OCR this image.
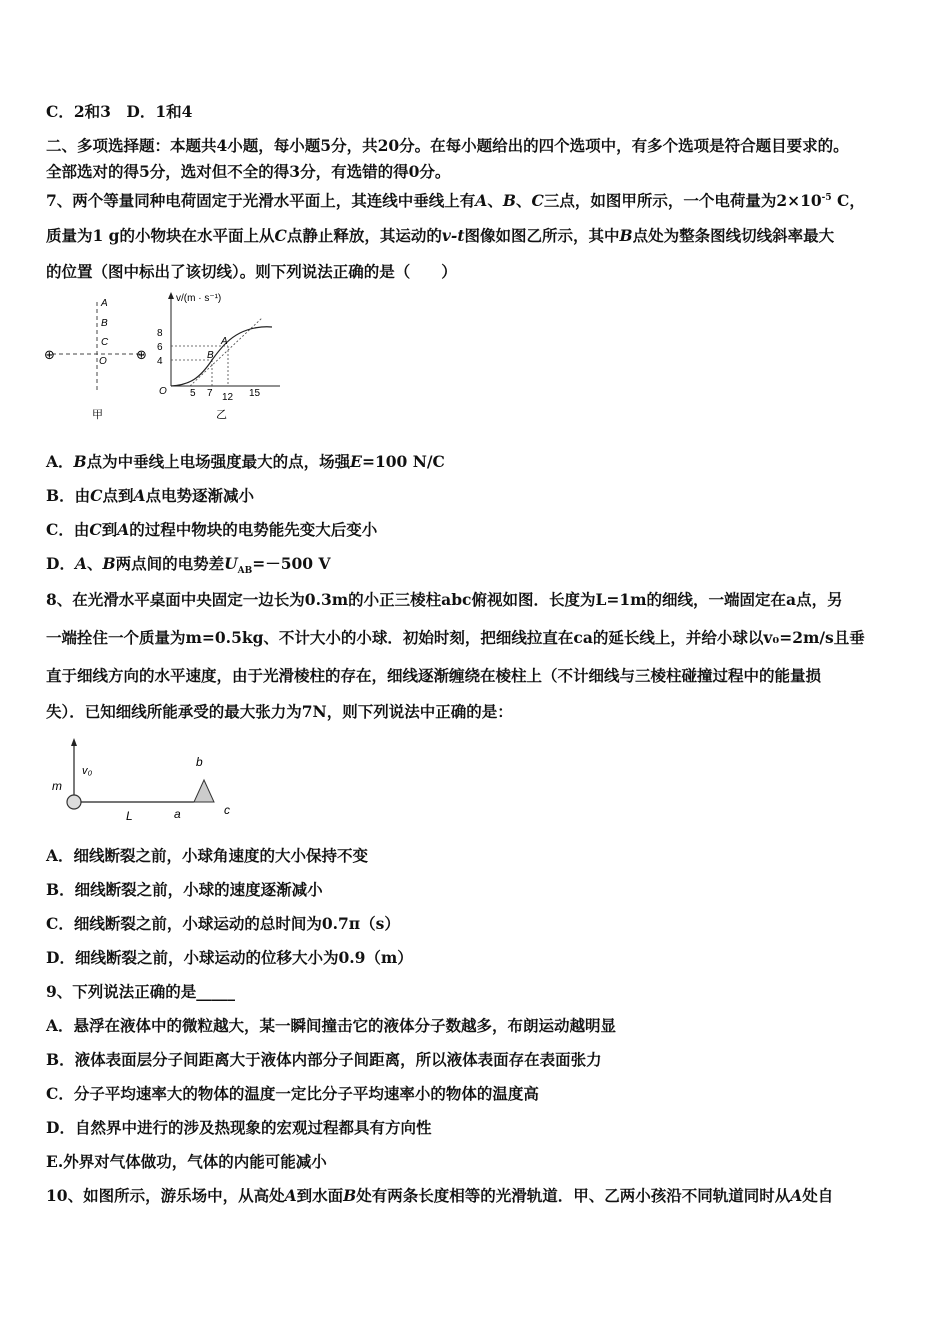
C．2和3　D．1和4
二、多项选择题：本题共4小题，每小题5分，共20分。在每小题给出的四个选项中，有多个选项是符合题目要求的。
全部选对的得5分，选对但不全的得3分，有选错的得0分。
7、两个等量同种电荷固定于光滑水平面上，其连线中垂线上有A、B、C三点，如图甲所示，一个电荷量为$2\times 10^{-5}$ C，
质量为1 g的小物块在水平面上从C点静止释放，其运动的v-t图像如图乙所示，其中B点处为整条图线切线斜率最大
的位置（图中标出了该切线）。则下列说法正确的是（　　）
⊕	⊕
A
B
C
O
甲
v/(m · s⁻¹)
O
8
6
4
5 7 12 15
A
B
乙
A．B点为中垂线上电场强度最大的点，场强E=100 N/C
B．由C点到A点电势逐渐减小
C．由C到A的过程中物块的电势能先变大后变小
D．A、B两点间的电势差$U_{AB}=-500$ V
8、在光滑水平桌面中央固定一边长为0.3m的小正三棱柱abc俯视如图．长度为L=1m的细线，一端固定在a点，另
一端拴住一个质量为m=0.5kg、不计大小的小球．初始时刻，把细线拉直在ca的延长线上，并给小球以v₀=2m/s且垂
直于细线方向的水平速度，由于光滑棱柱的存在，细线逐渐缠绕在棱柱上（不计细线与三棱柱碰撞过程中的能量损
失）．已知细线所能承受的最大张力为7N，则下列说法中正确的是：
v₀
m
L	a
b
c
A．细线断裂之前，小球角速度的大小保持不变
B．细线断裂之前，小球的速度逐渐减小
C．细线断裂之前，小球运动的总时间为0.7π（s）
D．细线断裂之前，小球运动的位移大小为0.9（m）
9、下列说法正确的是_____
A．悬浮在液体中的微粒越大，某一瞬间撞击它的液体分子数越多，布朗运动越明显
B．液体表面层分子间距离大于液体内部分子间距离，所以液体表面存在表面张力
C．分子平均速率大的物体的温度一定比分子平均速率小的物体的温度高
D．自然界中进行的涉及热现象的宏观过程都具有方向性
E.外界对气体做功，气体的内能可能减小
10、如图所示，游乐场中，从高处A到水面B处有两条长度相等的光滑轨道．甲、乙两小孩沿不同轨道同时从A处自
